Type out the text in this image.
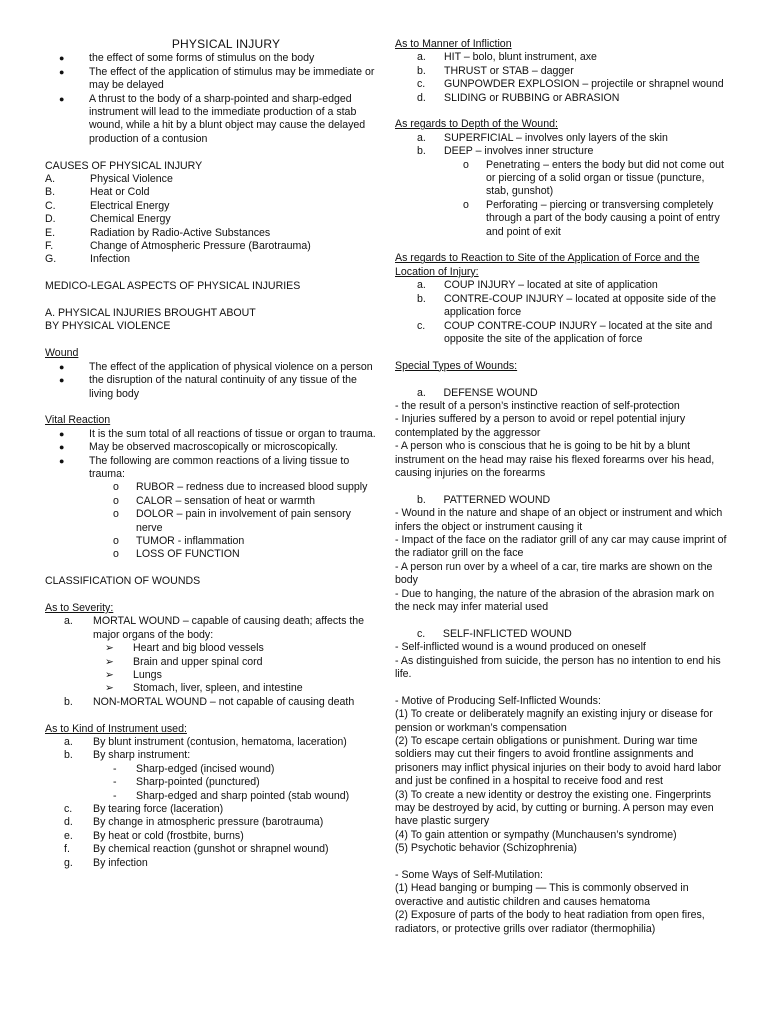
PHYSICAL INJURY
●	the effect of some forms of stimulus on the body
●	The effect of the application of stimulus may be immediate or may be delayed
●	A thrust to the body of a sharp-pointed and sharp-edged instrument will lead to the immediate production of a stab wound, while a hit by a blunt object may cause the delayed production of a contusion

CAUSES OF PHYSICAL INJURY

A.	Physical Violence
B.	Heat or Cold
C.	Electrical Energy
D.	Chemical Energy
E.	Radiation by Radio-Active Substances
F.	Change of Atmospheric Pressure (Barotrauma)
G.	Infection

MEDICO-LEGAL ASPECTS OF PHYSICAL INJURIES

A. PHYSICAL INJURIES BROUGHT ABOUT

BY PHYSICAL VIOLENCE

Wound

●	The effect of the application of physical violence on a person
●	the disruption of the natural continuity of any tissue of the living body

Vital Reaction

●	It is the sum total of all reactions of tissue or organ to trauma.
●	May be observed macroscopically or microscopically.
●	The following are common reactions of a living tissue to trauma:
o	RUBOR – redness due to increased blood supply
o	CALOR – sensation of heat or warmth
o	DOLOR – pain in involvement of pain sensory nerve
o	TUMOR - inflammation
o	LOSS OF FUNCTION

CLASSIFICATION OF WOUNDS

As to Severity:

a.	MORTAL WOUND – capable of causing death; affects the major organs of the body:
➢	Heart and big blood vessels
➢	Brain and upper spinal cord
➢	Lungs
➢	Stomach, liver, spleen, and intestine
b.	NON-MORTAL WOUND – not capable of causing death

As to Kind of Instrument used:

a.	By blunt instrument (contusion, hematoma, laceration)
b.	By sharp instrument:
-	Sharp-edged (incised wound)
-	Sharp-pointed (punctured)
-	Sharp-edged and sharp pointed (stab wound)
c.	By tearing force (laceration)
d.	By change in atmospheric pressure (barotrauma)
e.	By heat or cold (frostbite, burns)
f.	By chemical reaction (gunshot or shrapnel wound)
g.	By infection

As to Manner of Infliction

a.	HIT – bolo, blunt instrument, axe
b.	THRUST or STAB – dagger
c.	GUNPOWDER EXPLOSION – projectile or shrapnel wound
d.	SLIDING or RUBBING or ABRASION

As regards to Depth of the Wound:

a.	SUPERFICIAL – involves only layers of the skin
b.	DEEP – involves inner structure
o	Penetrating – enters the body but did not come out or piercing of a solid organ or tissue (puncture, stab, gunshot)
o	Perforating – piercing or transversing completely through a part of the body causing a point of entry and point of exit

As regards to Reaction to Site of the Application of Force and the Location of Injury:

a.	COUP INJURY – located at site of application
b.	CONTRE-COUP INJURY – located at opposite side of the application force
c.	COUP CONTRE-COUP INJURY – located at the site and opposite the site of the application of force

Special Types of Wounds:

a.      DEFENSE WOUND

- the result of a person’s instinctive reaction of self-protection

- Injuries suffered by a person to avoid or repel potential injury contemplated by the aggressor

- A person who is conscious that he is going to be hit by a blunt instrument on the head may raise his flexed forearms over his head, causing injuries on the forearms

b.      PATTERNED WOUND

- Wound in the nature and shape of an object or instrument and which infers the object or instrument causing it

- Impact of the face on the radiator grill of any car may cause imprint of the radiator grill on the face

- A person run over by a wheel of a car, tire marks are shown on the body

- Due to hanging, the nature of the abrasion of the abrasion mark on the neck may infer material used

c.      SELF-INFLICTED WOUND

- Self-inflicted wound is a wound produced on oneself

- As distinguished from suicide, the person has no intention to end his life.

- Motive of Producing Self-Inflicted Wounds:

(1) To create or deliberately magnify an existing injury or disease for pension or workman’s compensation

(2) To escape certain obligations or punishment. During war time soldiers may cut their fingers to avoid frontline assignments and prisoners may inflict physical injuries on their body to avoid hard labor and just be confined in a hospital to receive food and rest

(3) To create a new identity or destroy the existing one. Fingerprints may be destroyed by acid, by cutting or burning. A person may even have plastic surgery

(4) To gain attention or sympathy (Munchausen’s syndrome)

(5) Psychotic behavior (Schizophrenia)

- Some Ways of Self-Mutilation:

(1) Head banging or bumping — This is commonly observed in overactive and autistic children and causes hematoma

(2) Exposure of parts of the body to heat radiation from open fires, radiators, or protective grills over radiator (thermophilia)
